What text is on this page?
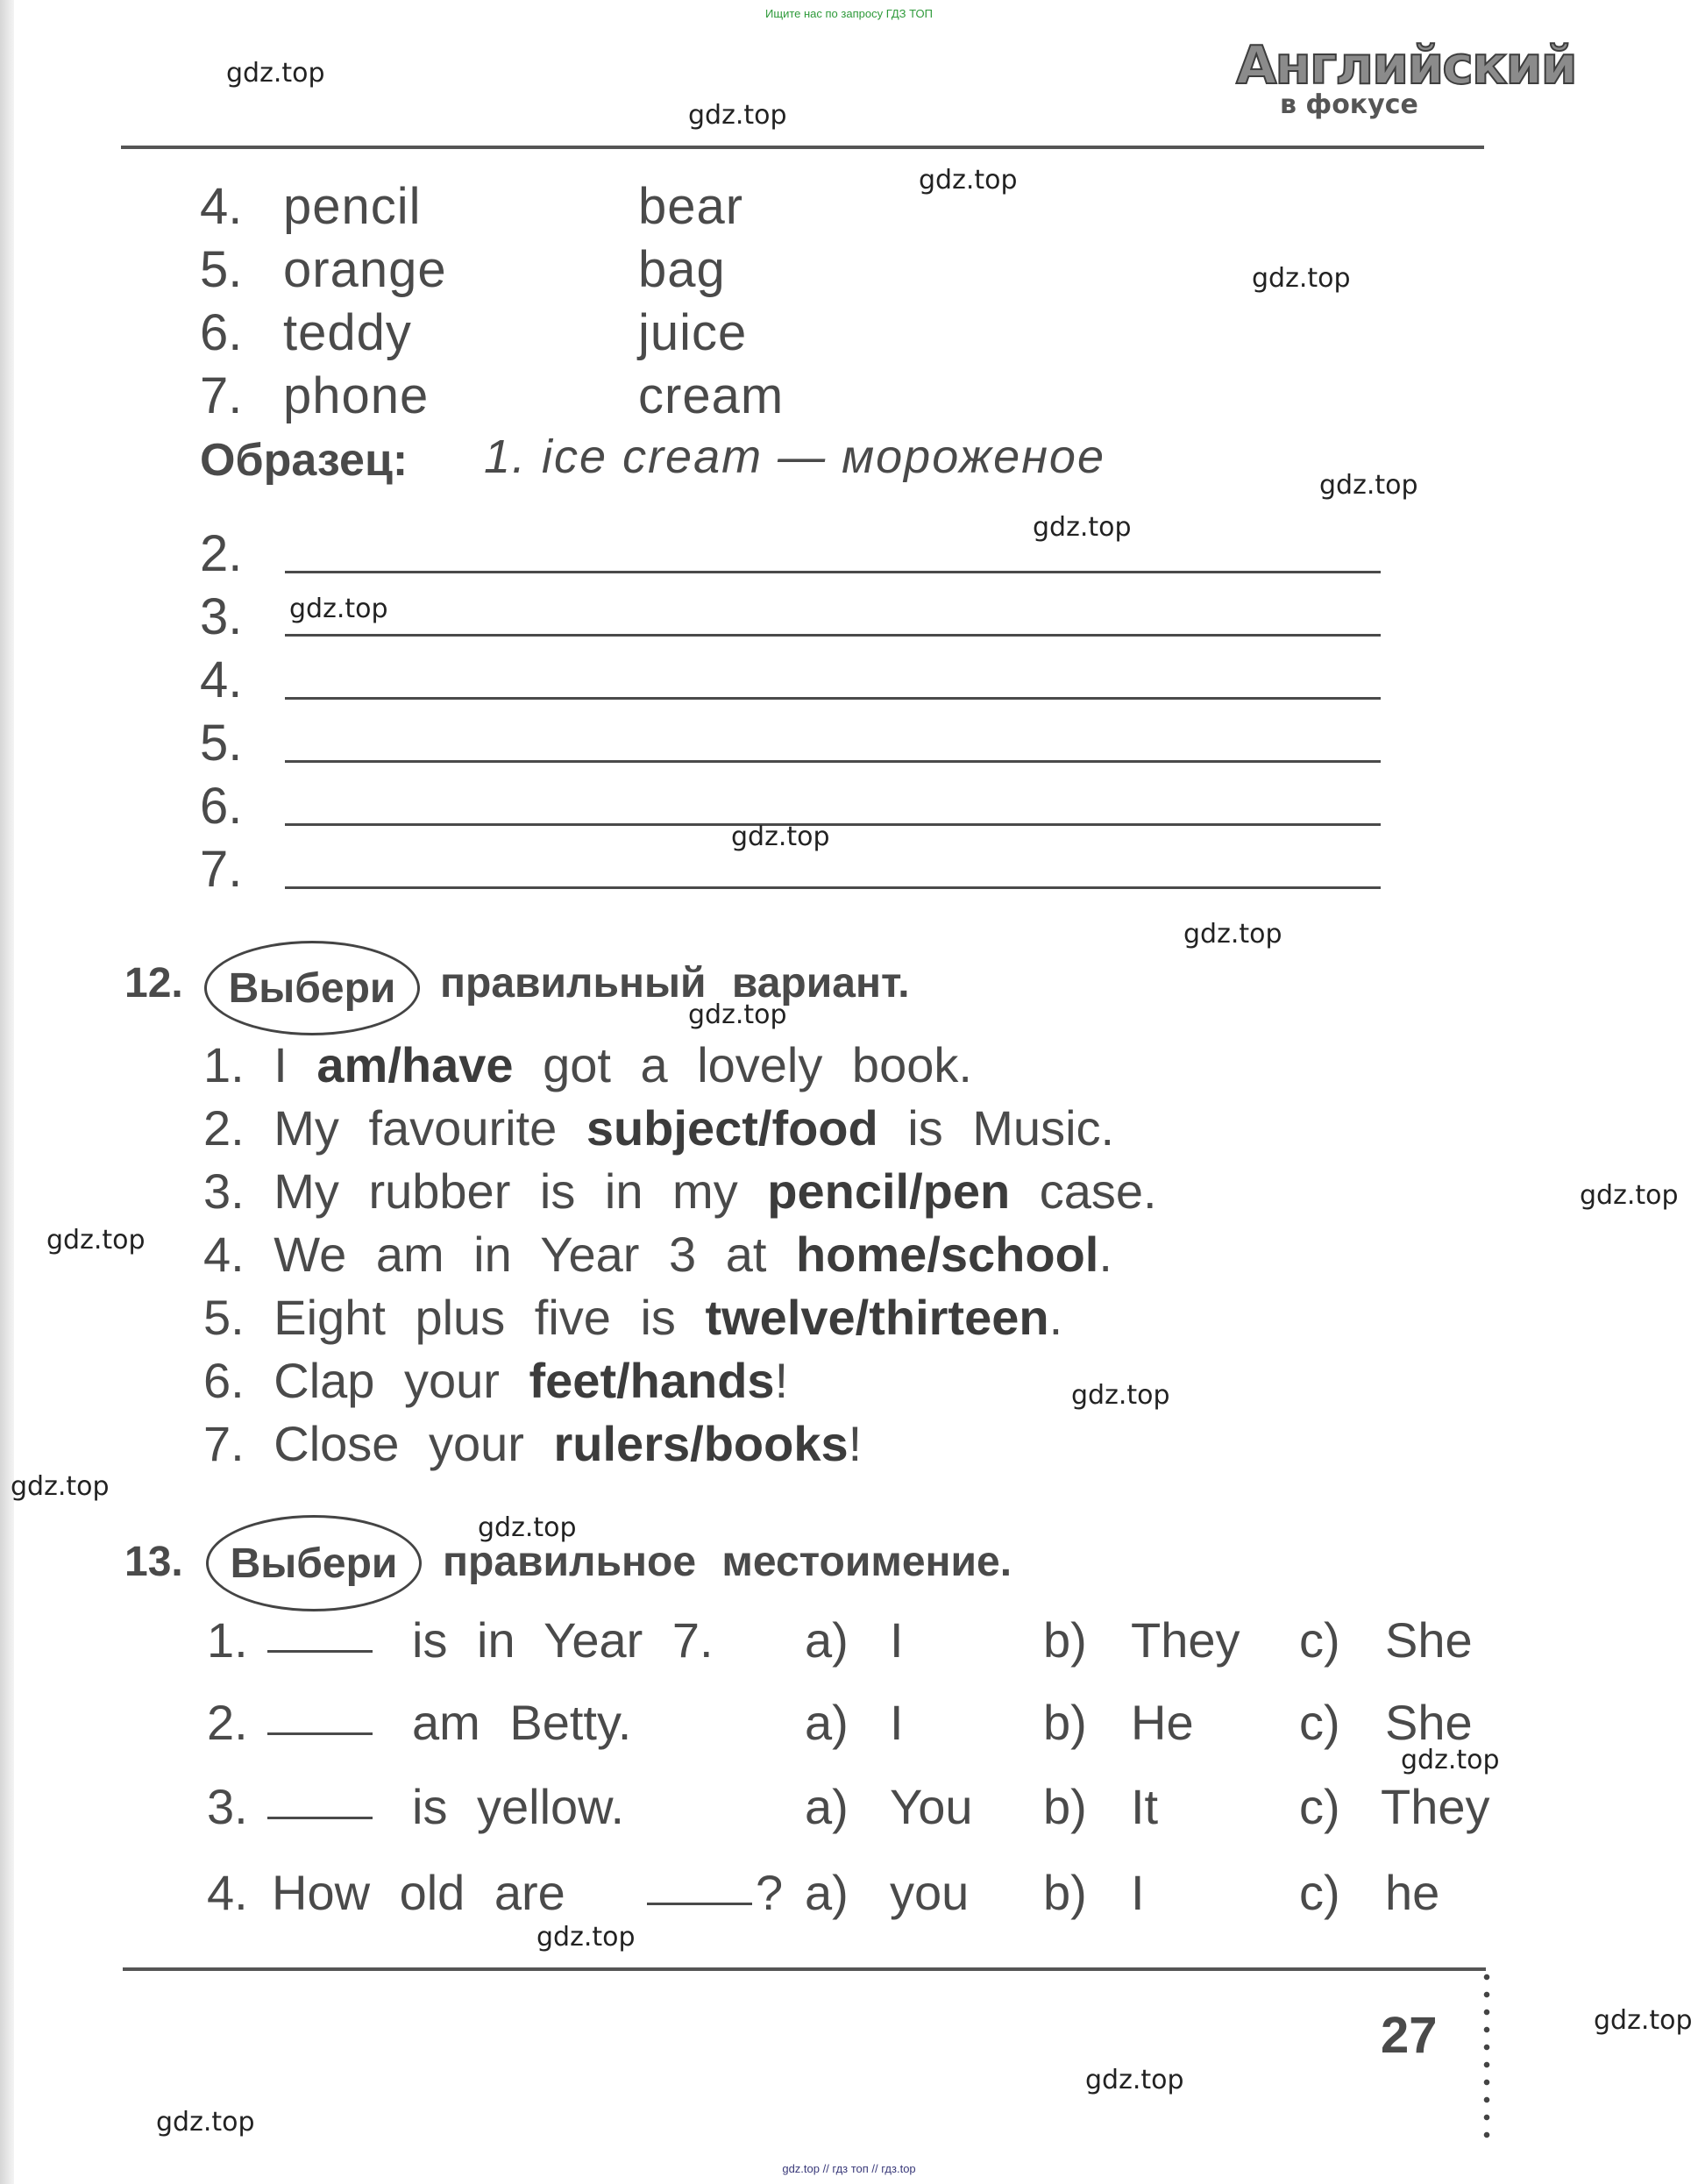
Ищите нас по запросу ГДЗ ТОП
Английский
в фокусе
4. pencil	bear
5. orange	bag
6. teddy	juice
7. phone	cream
Образец: 1. ice cream — мороженое
2.
3.
4.
5.
6.
7.
12. Выбери правильный вариант.
1. I am/have got a lovely book.
2. My favourite subject/food is Music.
3. My rubber is in my pencil/pen case.
4. We am in Year 3 at home/school.
5. Eight plus five is twelve/thirteen.
6. Clap your feet/hands!
7. Close your rulers/books!
13. Выбери правильное местоимение.
1.	is in Year 7. a) I	b) They c) She
2.	am Betty.	a) I	b) He c) She
3.	is yellow.	a) You b) It	c) They
4. How old are	? a) you b) I	c) he
27
gdz.top
gdz.top
gdz.top
gdz.top
gdz.top
gdz.top
gdz.top
gdz.top
gdz.top
gdz.top
gdz.top
gdz.top
gdz.top
gdz.top
gdz.top
gdz.top
gdz.top
gdz.top
gdz.top
gdz.top
gdz.top // гдз топ // гдз.top
